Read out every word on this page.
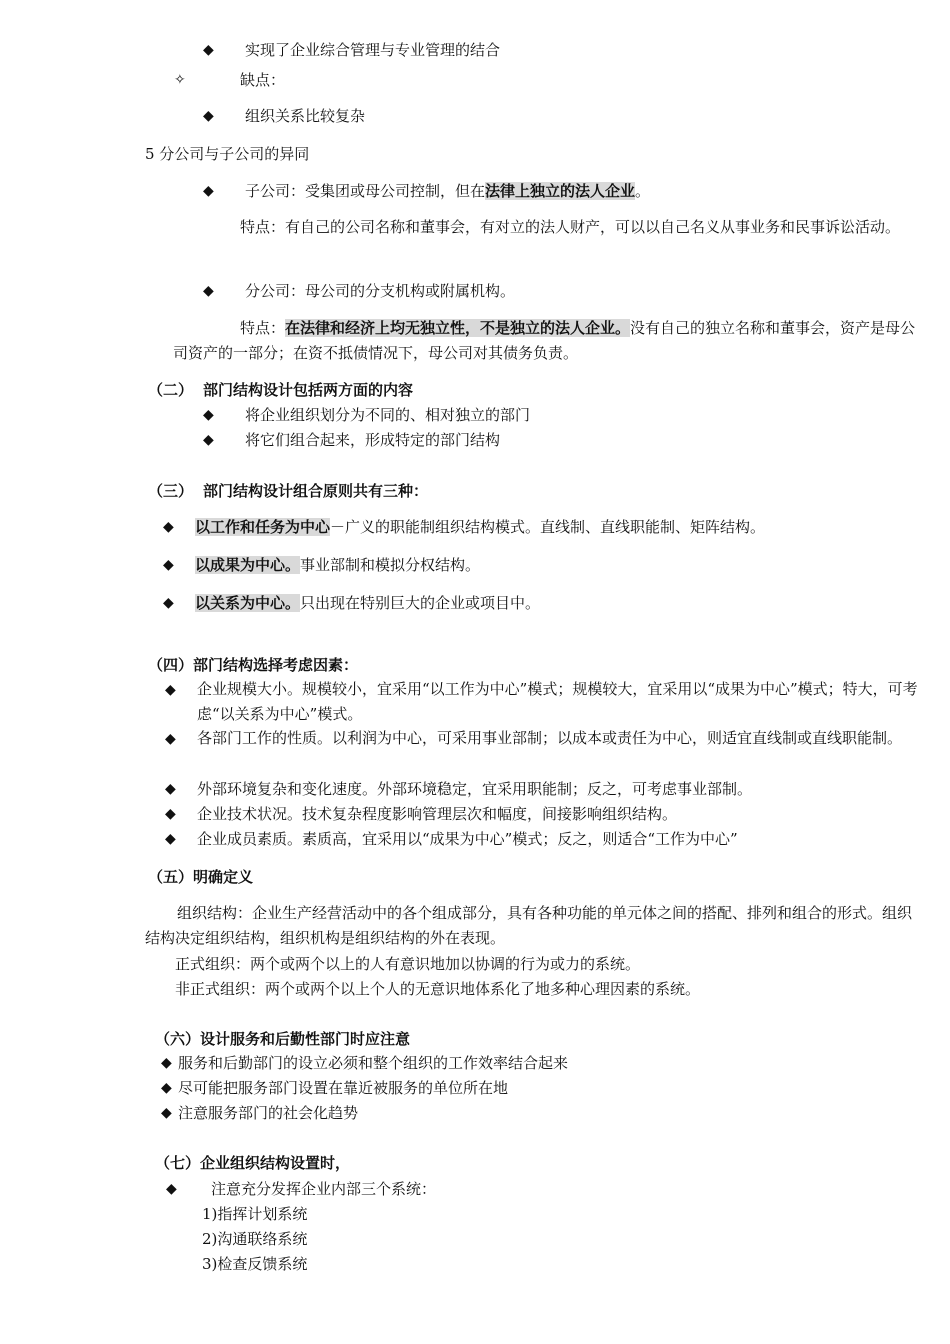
◆ 实现了企业综合管理与专业管理的结合
✧	缺点：
◆ 组织关系比较复杂
5 分公司与子公司的异同
◆ 子公司：受集团或母公司控制，但在法律上独立的法人企业。
特点：有自己的公司名称和董事会，有对立的法人财产，可以以自己名义从事业务和民事诉讼活动。
◆ 分公司：母公司的分支机构或附属机构。
特点：在法律和经济上均无独立性，不是独立的法人企业。没有自己的独立名称和董事会，资产是母公司资产的一部分；在资不抵债情况下，母公司对其债务负责。
（二） 部门结构设计包括两方面的内容
◆ 将企业组织划分为不同的、相对独立的部门
◆ 将它们组合起来，形成特定的部门结构
（三） 部门结构设计组合原则共有三种：
◆ 以工作和任务为中心－广义的职能制组织结构模式。直线制、直线职能制、矩阵结构。
◆ 以成果为中心。事业部制和模拟分权结构。
◆ 以关系为中心。只出现在特别巨大的企业或项目中。
（四）部门结构选择考虑因素：
◆ 企业规模大小。规模较小，宜采用“以工作为中心”模式；规模较大，宜采用以“成果为中心”模式；特大，可考虑“以关系为中心”模式。
◆ 各部门工作的性质。以利润为中心，可采用事业部制；以成本或责任为中心，则适宜直线制或直线职能制。
◆ 外部环境复杂和变化速度。外部环境稳定，宜采用职能制；反之，可考虑事业部制。
◆ 企业技术状况。技术复杂程度影响管理层次和幅度，间接影响组织结构。
◆ 企业成员素质。素质高，宜采用以“成果为中心”模式；反之，则适合“工作为中心”
（五）明确定义
组织结构：企业生产经营活动中的各个组成部分，具有各种功能的单元体之间的搭配、排列和组合的形式。组织结构决定组织结构，组织机构是组织结构的外在表现。
正式组织：两个或两个以上的人有意识地加以协调的行为或力的系统。
非正式组织：两个或两个以上个人的无意识地体系化了地多种心理因素的系统。
（六）设计服务和后勤性部门时应注意
◆ 服务和后勤部门的设立必须和整个组织的工作效率结合起来
◆ 尽可能把服务部门设置在靠近被服务的单位所在地
◆ 注意服务部门的社会化趋势
（七）企业组织结构设置时，
◆ 注意充分发挥企业内部三个系统：
1)指挥计划系统
2)沟通联络系统
3)检查反馈系统
